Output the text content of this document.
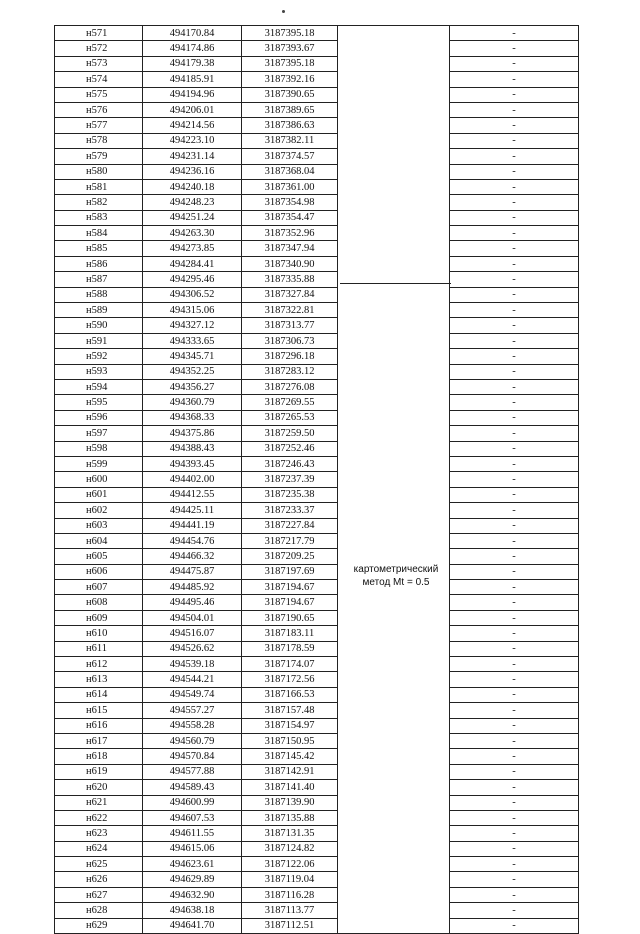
н571	494170.84	3187395.18		-
н572	494174.86	3187393.67		-
н573	494179.38	3187395.18		-
н574	494185.91	3187392.16		-
н575	494194.96	3187390.65		-
н576	494206.01	3187389.65		-
н577	494214.56	3187386.63		-
н578	494223.10	3187382.11		-
н579	494231.14	3187374.57		-
н580	494236.16	3187368.04		-
н581	494240.18	3187361.00		-
н582	494248.23	3187354.98		-
н583	494251.24	3187354.47		-
н584	494263.30	3187352.96		-
н585	494273.85	3187347.94		-
н586	494284.41	3187340.90		-
н587	494295.46	3187335.88		-
н588	494306.52	3187327.84		-
н589	494315.06	3187322.81		-
н590	494327.12	3187313.77		-
н591	494333.65	3187306.73		-
н592	494345.71	3187296.18		-
н593	494352.25	3187283.12		-
н594	494356.27	3187276.08		-
н595	494360.79	3187269.55		-
н596	494368.33	3187265.53		-
н597	494375.86	3187259.50		-
н598	494388.43	3187252.46		-
н599	494393.45	3187246.43		-
н600	494402.00	3187237.39		-
н601	494412.55	3187235.38		-
н602	494425.11	3187233.37		-
н603	494441.19	3187227.84		-
н604	494454.76	3187217.79		-
н605	494466.32	3187209.25		-
н606	494475.87	3187197.69		-
н607	494485.92	3187194.67		-
н608	494495.46	3187194.67		-
н609	494504.01	3187190.65		-
н610	494516.07	3187183.11		-
н611	494526.62	3187178.59		-
н612	494539.18	3187174.07		-
н613	494544.21	3187172.56		-
н614	494549.74	3187166.53		-
н615	494557.27	3187157.48		-
н616	494558.28	3187154.97		-
н617	494560.79	3187150.95		-
н618	494570.84	3187145.42		-
н619	494577.88	3187142.91		-
н620	494589.43	3187141.40		-
н621	494600.99	3187139.90		-
н622	494607.53	3187135.88		-
н623	494611.55	3187131.35		-
н624	494615.06	3187124.82		-
н625	494623.61	3187122.06		-
н626	494629.89	3187119.04		-
н627	494632.90	3187116.28		-
н628	494638.18	3187113.77		-
н629	494641.70	3187112.51		-
картометрический метод Mt = 0.5
